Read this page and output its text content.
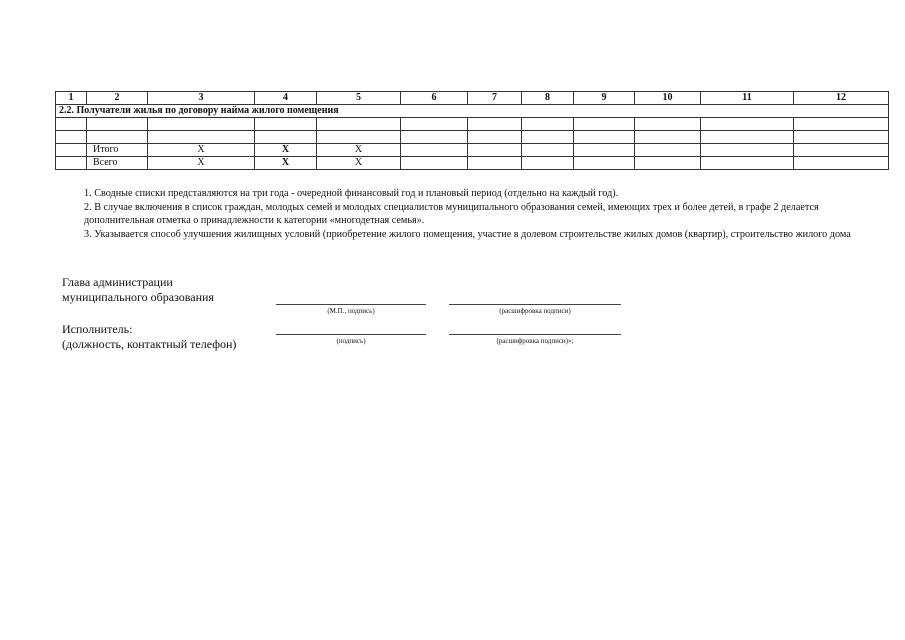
1	2	3	4	5	6	7	8	9	10	11	12
2.2. Получатели жилья по договору найма жилого помещения											

	Итого	X	X	X							
	Всего	X	X	X							

1. Сводные списки представляются на три года - очередной финансовый год и плановый период (отдельно на каждый год).

2. В случае включения в список граждан, молодых семей и молодых специалистов муниципального образования семей, имеющих трех и более детей, в графе 2 делается дополнительная отметка о принадлежности к категории «многодетная семья».

3. Указывается способ улучшения жилищных условий (приобретение жилого помещения, участие в долевом строительстве жилых домов (квартир), строительство жилого дома

Глава администрации
муниципального образования
(М.П., подпись)	(расшифровка подписи)
Исполнитель:
(должность, контактный телефон)	(подпись)	(расшифровка подписи)»;
